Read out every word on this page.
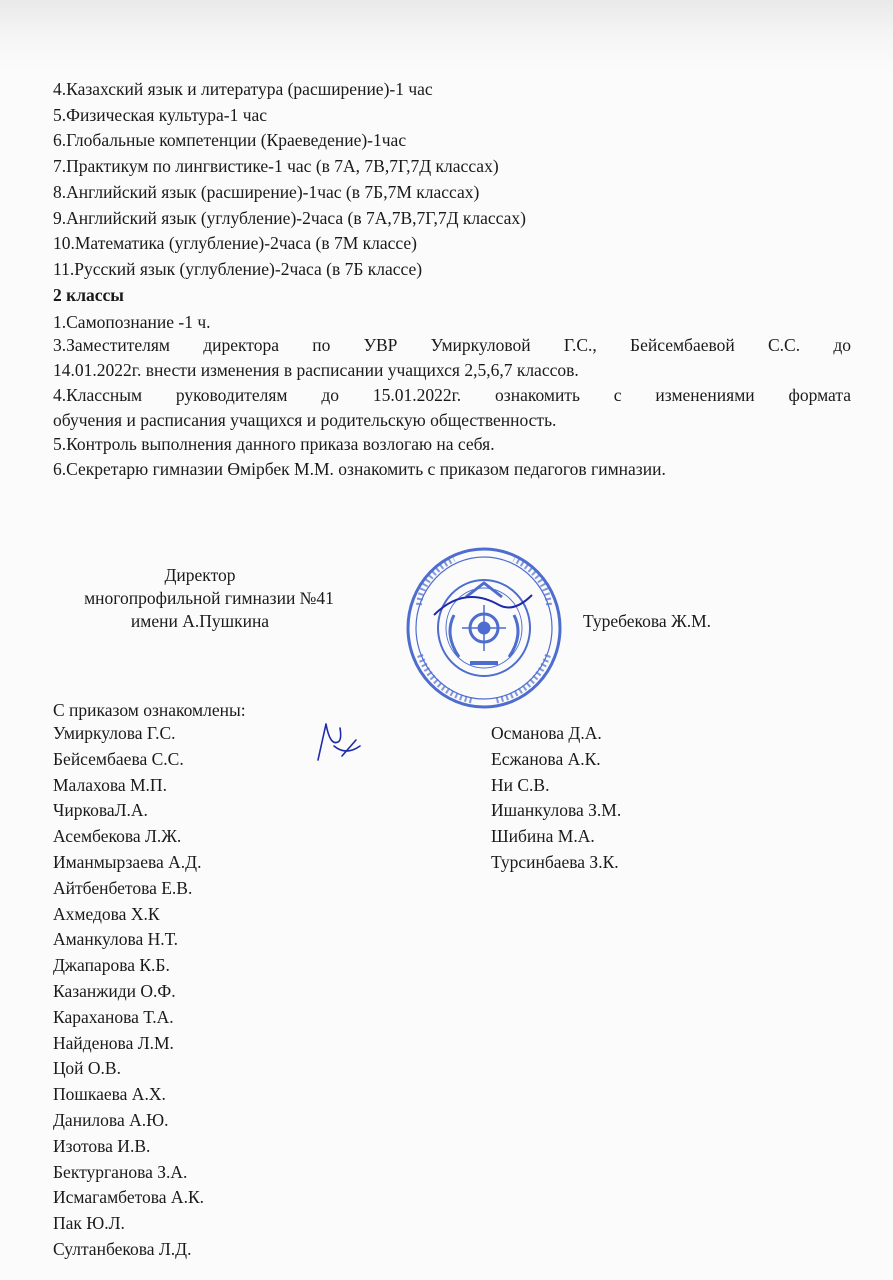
4.Казахский язык и литература (расширение)-1 час
5.Физическая культура-1 час
6.Глобальные компетенции (Краеведение)-1час
7.Практикум по лингвистике-1 час (в 7А, 7В,7Г,7Д классах)
8.Английский язык (расширение)-1час (в 7Б,7М классах)
9.Английский язык (углубление)-2часа (в 7А,7В,7Г,7Д классах)
10.Математика (углубление)-2часа (в 7М классе)
11.Русский язык (углубление)-2часа (в 7Б классе)
2 классы
1.Самопознание -1 ч.
3.Заместителям директора по УВР Умиркуловой Г.С., Бейсембаевой С.С. до
14.01.2022г. внести изменения в расписании учащихся 2,5,6,7 классов.
4.Классным руководителям до 15.01.2022г. ознакомить с изменениями формата
обучения и расписания учащихся и родительскую общественность.
5.Контроль выполнения данного приказа возлогаю на себя.
6.Секретарю гимназии Өмірбек М.М. ознакомить с приказом педагогов гимназии.
Директор
многопрофильной гимназии №41
имени А.Пушкина	Туребекова Ж.М.
С приказом ознакомлены:
Умиркулова Г.С.
Бейсембаева С.С.
Малахова М.П.
ЧирковаЛ.А.
Асембекова Л.Ж.
Иманмырзаева А.Д.
Айтбенбетова Е.В.
Ахмедова Х.К
Аманкулова Н.Т.
Джапарова К.Б.
Казанжиди О.Ф.
Караханова Т.А.
Найденова Л.М.
Цой О.В.
Пошкаева А.Х.
Данилова А.Ю.
Изотова И.В.
Бектурганова З.А.
Исмагамбетова А.К.
Пак Ю.Л.
Султанбекова Л.Д.
Османова Д.А.
Есжанова А.К.
Ни С.В.
Ишанкулова З.М.
Шибина М.А.
Турсинбаева З.К.
